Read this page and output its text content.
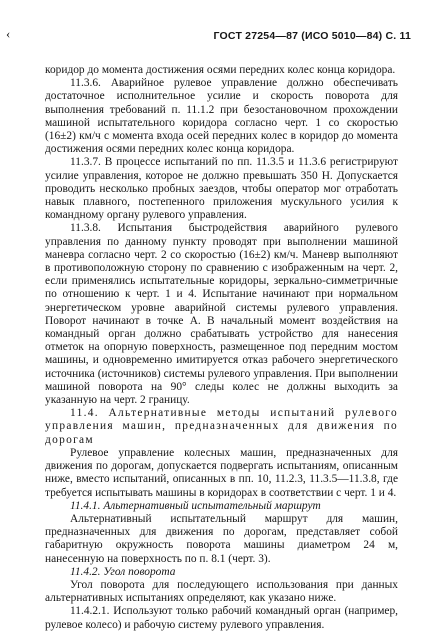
‹	ГОСТ 27254—87 (ИСО 5010—84) С. 11

коридор до момента достижения осями передних колес конца коридора.

11.3.6. Аварийное рулевое управление должно обеспечивать достаточное исполнительное усилие и скорость поворота для выполнения требований п. 11.1.2 при безостановочном прохождении машиной испытательного коридора согласно черт. 1 со скоростью (16±2) км/ч с момента входа осей передних колес в коридор до момента достижения осями передних колес конца коридора.

11.3.7. В процессе испытаний по пп. 11.3.5 и 11.3.6 регистрируют усилие управления, которое не должно превышать 350 Н. Допускается проводить несколько пробных заездов, чтобы оператор мог отработать навык плавного, постепенного приложения мускульного усилия к командному органу рулевого управления.

11.3.8. Испытания быстродействия аварийного рулевого управления по данному пункту проводят при выполнении машиной маневра согласно черт. 2 со скоростью (16±2) км/ч. Маневр выполняют в противоположную сторону по сравнению с изображенным на черт. 2, если применялись испытательные коридоры, зеркально-симметричные по отношению к черт. 1 и 4. Испытание начинают при нормальном энергетическом уровне аварийной системы рулевого управления. Поворот начинают в точке А. В начальный момент воздействия на командный орган должно срабатывать устройство для нанесения отметок на опорную поверхность, размещенное под передним мостом машины, и одновременно имитируется отказ рабочего энергетического источника (источников) системы рулевого управления. При выполнении машиной поворота на 90° следы колес не должны выходить за указанную на черт. 2 границу.

11.4. Альтернативные методы испытаний рулевого управления машин, предназначенных для движения по дорогам

Рулевое управление колесных машин, предназначенных для движения по дорогам, допускается подвергать испытаниям, описанным ниже, вместо испытаний, описанных в пп. 10, 11.2.3, 11.3.5—11.3.8, где требуется испытывать машины в коридорах в соответствии с черт. 1 и 4.

11.4.1. Альтернативный испытательный маршрут

Альтернативный испытательный маршрут для машин, предназначенных для движения по дорогам, представляет собой габаритную окружность поворота машины диаметром 24 м, нанесенную на поверхность по п. 8.1 (черт. 3).

11.4.2. Угол поворота

Угол поворота для последующего использования при данных альтернативных испытаниях определяют, как указано ниже.

11.4.2.1. Используют только рабочий командный орган (например, рулевое колесо) и рабочую систему рулевого управления.
